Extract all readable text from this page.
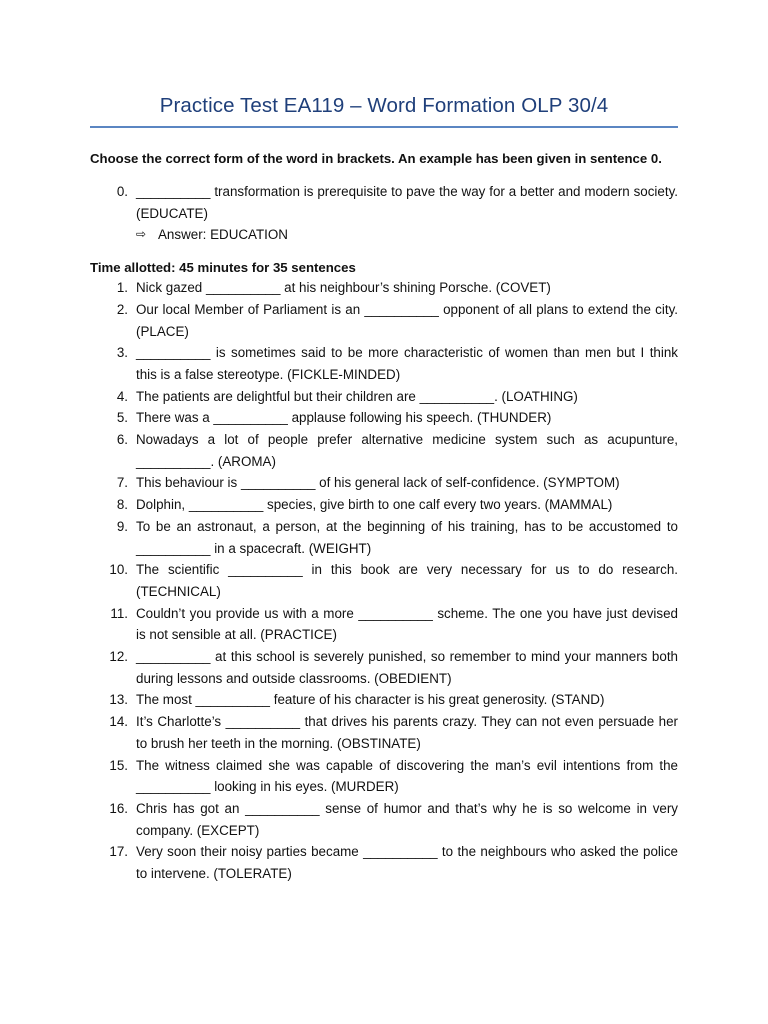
Practice Test EA119 – Word Formation OLP 30/4
Choose the correct form of the word in brackets. An example has been given in sentence 0.
0. __________ transformation is prerequisite to pave the way for a better and modern society. (EDUCATE)
⇨ Answer: EDUCATION
Time allotted: 45 minutes for 35 sentences
1. Nick gazed __________ at his neighbour’s shining Porsche. (COVET)
2. Our local Member of Parliament is an __________ opponent of all plans to extend the city. (PLACE)
3. __________ is sometimes said to be more characteristic of women than men but I think this is a false stereotype. (FICKLE-MINDED)
4. The patients are delightful but their children are __________. (LOATHING)
5. There was a __________ applause following his speech. (THUNDER)
6. Nowadays a lot of people prefer alternative medicine system such as acupunture, __________. (AROMA)
7. This behaviour is __________ of his general lack of self-confidence. (SYMPTOM)
8. Dolphin, __________ species, give birth to one calf every two years. (MAMMAL)
9. To be an astronaut, a person, at the beginning of his training, has to be accustomed to __________ in a spacecraft. (WEIGHT)
10. The scientific __________ in this book are very necessary for us to do research. (TECHNICAL)
11. Couldn’t you provide us with a more __________ scheme. The one you have just devised is not sensible at all. (PRACTICE)
12. __________ at this school is severely punished, so remember to mind your manners both during lessons and outside classrooms. (OBEDIENT)
13. The most __________ feature of his character is his great generosity. (STAND)
14. It’s Charlotte’s __________ that drives his parents crazy. They can not even persuade her to brush her teeth in the morning. (OBSTINATE)
15. The witness claimed she was capable of discovering the man’s evil intentions from the __________ looking in his eyes. (MURDER)
16. Chris has got an __________ sense of humor and that’s why he is so welcome in very company. (EXCEPT)
17. Very soon their noisy parties became __________ to the neighbours who asked the police to intervene. (TOLERATE)
